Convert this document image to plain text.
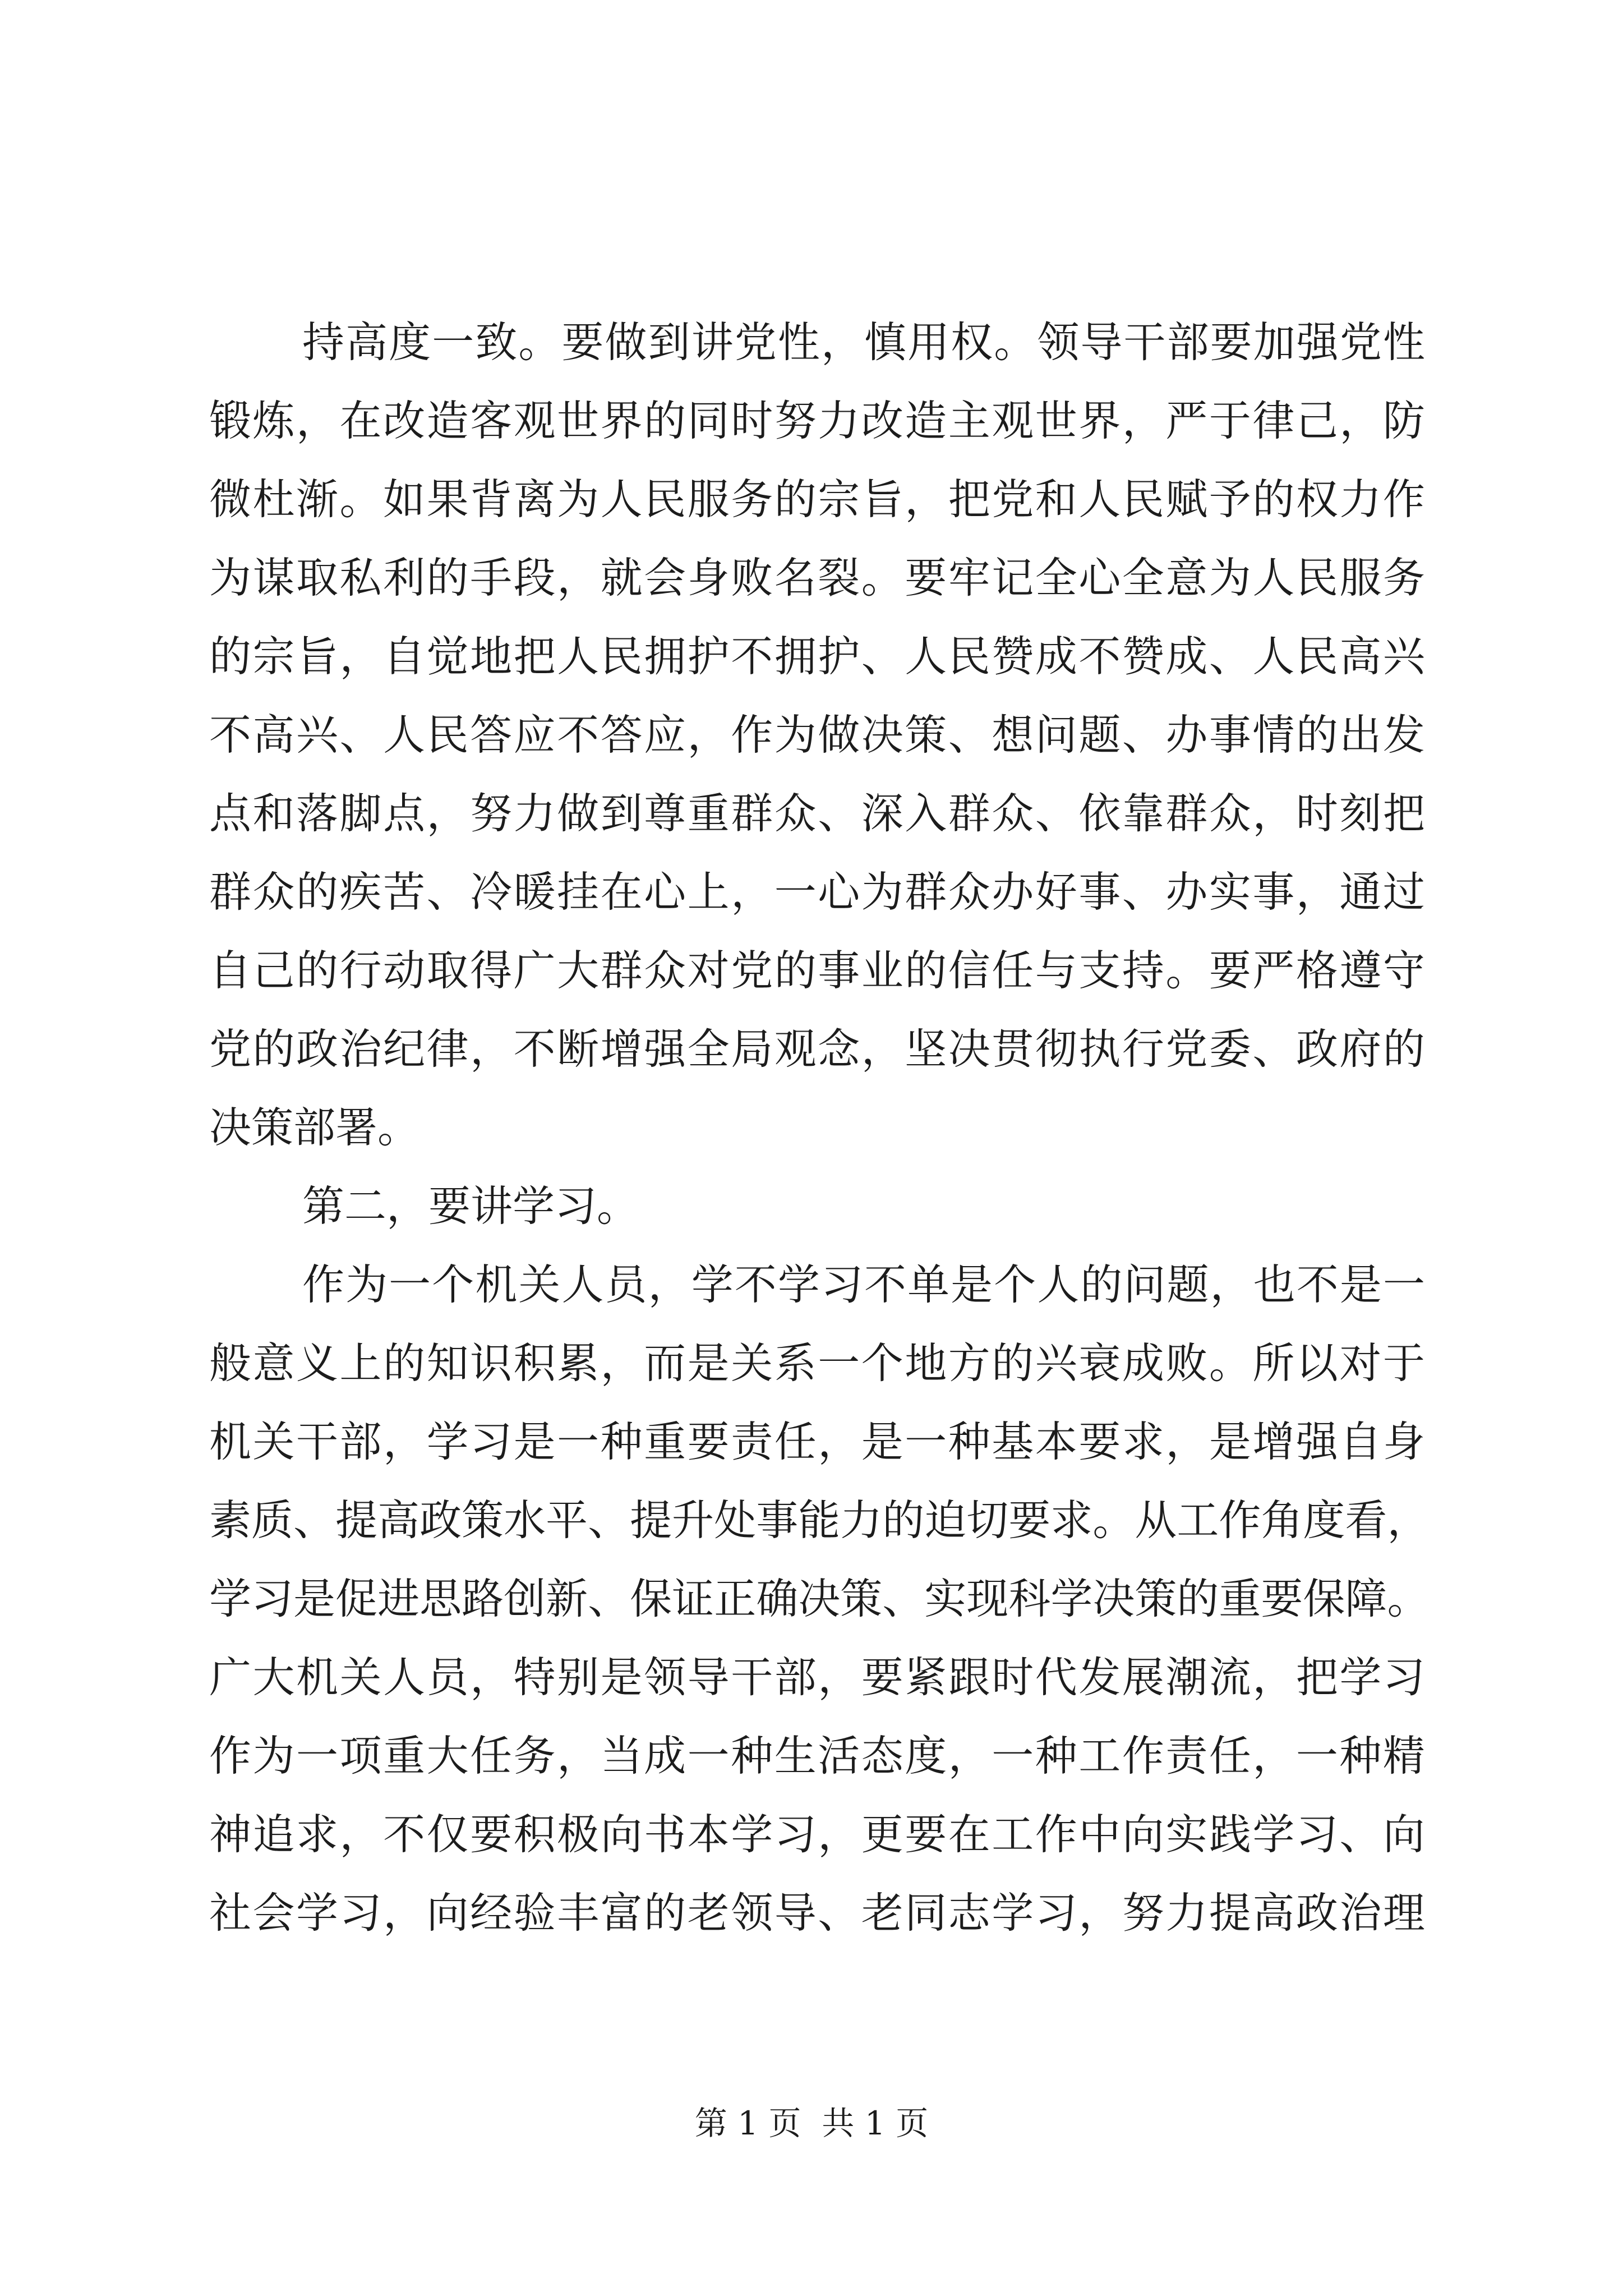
持 高 度 一 致 。 要 做 到 讲 党 性 ， 慎 用 权 。 领 导 干 部 要 加 强 党 性
锻 炼 ， 在 改 造 客 观 世 界 的 同 时 努 力 改 造 主 观 世 界 ， 严 于 律 己 ， 防
微 杜 渐 。 如 果 背 离 为 人 民 服 务 的 宗 旨 ， 把 党 和 人 民 赋 予 的 权 力 作
为 谋 取 私 利 的 手 段 ， 就 会 身 败 名 裂 。 要 牢 记 全 心 全 意 为 人 民 服 务
的 宗 旨 ， 自 觉 地 把 人 民 拥 护 不 拥 护 、 人 民 赞 成 不 赞 成 、 人 民 高 兴
不 高 兴 、 人 民 答 应 不 答 应 ， 作 为 做 决 策 、 想 问 题 、 办 事 情 的 出 发
点 和 落 脚 点 ， 努 力 做 到 尊 重 群 众 、 深 入 群 众 、 依 靠 群 众 ， 时 刻 把
群 众 的 疾 苦 、 冷 暖 挂 在 心 上 ， 一 心 为 群 众 办 好 事 、 办 实 事 ， 通 过
自 己 的 行 动 取 得 广 大 群 众 对 党 的 事 业 的 信 任 与 支 持 。 要 严 格 遵 守
党 的 政 治 纪 律 ， 不 断 增 强 全 局 观 念 ， 坚 决 贯 彻 执 行 党 委 、 政 府 的
决策部署。
第二，要讲学习。
作 为 一 个 机 关 人 员 ， 学 不 学 习 不 单 是 个 人 的 问 题 ， 也 不 是 一
般 意 义 上 的 知 识 积 累 ， 而 是 关 系 一 个 地 方 的 兴 衰 成 败 。 所 以 对 于
机 关 干 部 ， 学 习 是 一 种 重 要 责 任 ， 是 一 种 基 本 要 求 ， 是 增 强 自 身
素 质 、 提 高 政 策 水 平 、 提 升 处 事 能 力 的 迫 切 要 求 。 从 工 作 角 度 看 ，
学 习 是 促 进 思 路 创 新 、 保 证 正 确 决 策 、 实 现 科 学 决 策 的 重 要 保 障 。
广 大 机 关 人 员 ， 特 别 是 领 导 干 部 ， 要 紧 跟 时 代 发 展 潮 流 ， 把 学 习
作 为 一 项 重 大 任 务 ， 当 成 一 种 生 活 态 度 ， 一 种 工 作 责 任 ， 一 种 精
神 追 求 ， 不 仅 要 积 极 向 书 本 学 习 ， 更 要 在 工 作 中 向 实 践 学 习 、 向
社 会 学 习 ， 向 经 验 丰 富 的 老 领 导 、 老 同 志 学 习 ， 努 力 提 高 政 治 理
第 1 页  共 1 页
